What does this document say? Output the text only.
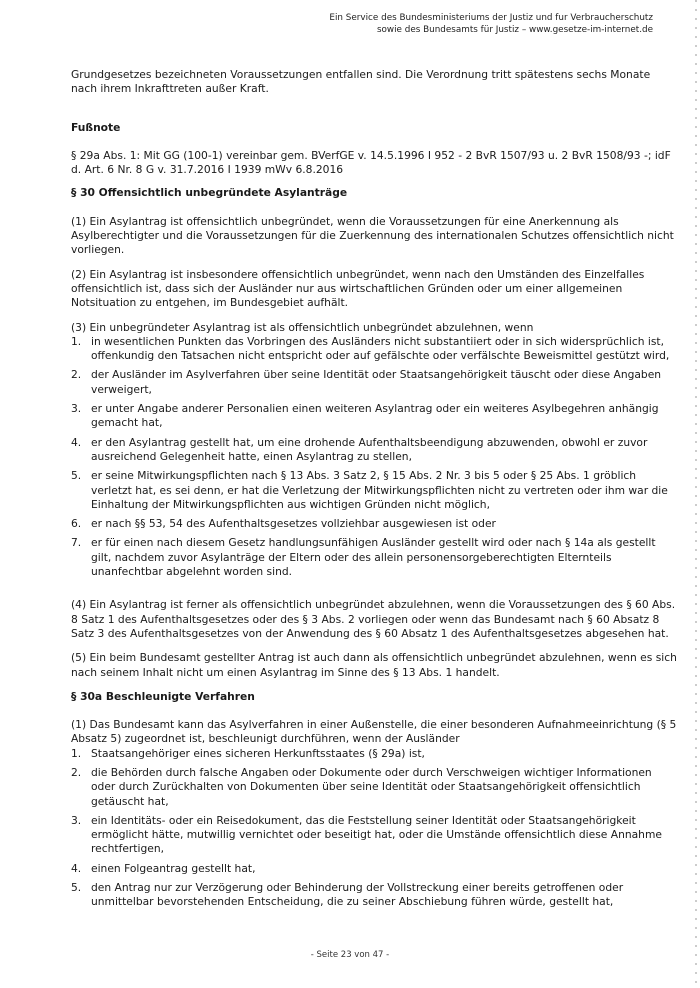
Ein Service des Bundesministeriums der Justiz und fur Verbraucherschutz
sowie des Bundesamts für Justiz – www.gesetze-im-internet.de

Grundgesetzes bezeichneten Voraussetzungen entfallen sind. Die Verordnung tritt spätestens sechs Monate nach ihrem Inkrafttreten außer Kraft.

Fußnote

§ 29a Abs. 1: Mit GG (100-1) vereinbar gem. BVerfGE v. 14.5.1996 I 952 - 2 BvR 1507/93 u. 2 BvR 1508/93 -; idF d. Art. 6 Nr. 8 G v. 31.7.2016 I 1939 mWv 6.8.2016

§ 30 Offensichtlich unbegründete Asylanträge

(1) Ein Asylantrag ist offensichtlich unbegründet, wenn die Voraussetzungen für eine Anerkennung als Asylberechtigter und die Voraussetzungen für die Zuerkennung des internationalen Schutzes offensichtlich nicht vorliegen.

(2) Ein Asylantrag ist insbesondere offensichtlich unbegründet, wenn nach den Umständen des Einzelfalles offensichtlich ist, dass sich der Ausländer nur aus wirtschaftlichen Gründen oder um einer allgemeinen Notsituation zu entgehen, im Bundesgebiet aufhält.

(3) Ein unbegründeter Asylantrag ist als offensichtlich unbegründet abzulehnen, wenn

1. in wesentlichen Punkten das Vorbringen des Ausländers nicht substantiiert oder in sich widersprüchlich ist, offenkundig den Tatsachen nicht entspricht oder auf gefälschte oder verfälschte Beweismittel gestützt wird,
2. der Ausländer im Asylverfahren über seine Identität oder Staatsangehörigkeit täuscht oder diese Angaben verweigert,
3. er unter Angabe anderer Personalien einen weiteren Asylantrag oder ein weiteres Asylbegehren anhängig gemacht hat,
4. er den Asylantrag gestellt hat, um eine drohende Aufenthaltsbeendigung abzuwenden, obwohl er zuvor ausreichend Gelegenheit hatte, einen Asylantrag zu stellen,
5. er seine Mitwirkungspflichten nach § 13 Abs. 3 Satz 2, § 15 Abs. 2 Nr. 3 bis 5 oder § 25 Abs. 1 gröblich verletzt hat, es sei denn, er hat die Verletzung der Mitwirkungspflichten nicht zu vertreten oder ihm war die Einhaltung der Mitwirkungspflichten aus wichtigen Gründen nicht möglich,
6. er nach §§ 53, 54 des Aufenthaltsgesetzes vollziehbar ausgewiesen ist oder
7. er für einen nach diesem Gesetz handlungsunfähigen Ausländer gestellt wird oder nach § 14a als gestellt gilt, nachdem zuvor Asylanträge der Eltern oder des allein personensorgeberechtigten Elternteils unanfechtbar abgelehnt worden sind.

(4) Ein Asylantrag ist ferner als offensichtlich unbegründet abzulehnen, wenn die Voraussetzungen des § 60 Abs. 8 Satz 1 des Aufenthaltsgesetzes oder des § 3 Abs. 2 vorliegen oder wenn das Bundesamt nach § 60 Absatz 8 Satz 3 des Aufenthaltsgesetzes von der Anwendung des § 60 Absatz 1 des Aufenthaltsgesetzes abgesehen hat.

(5) Ein beim Bundesamt gestellter Antrag ist auch dann als offensichtlich unbegründet abzulehnen, wenn es sich nach seinem Inhalt nicht um einen Asylantrag im Sinne des § 13 Abs. 1 handelt.

§ 30a Beschleunigte Verfahren

(1) Das Bundesamt kann das Asylverfahren in einer Außenstelle, die einer besonderen Aufnahmeeinrichtung (§ 5 Absatz 5) zugeordnet ist, beschleunigt durchführen, wenn der Ausländer

1. Staatsangehöriger eines sicheren Herkunftsstaates (§ 29a) ist,
2. die Behörden durch falsche Angaben oder Dokumente oder durch Verschweigen wichtiger Informationen oder durch Zurückhalten von Dokumenten über seine Identität oder Staatsangehörigkeit offensichtlich getäuscht hat,
3. ein Identitäts- oder ein Reisedokument, das die Feststellung seiner Identität oder Staatsangehörigkeit ermöglicht hätte, mutwillig vernichtet oder beseitigt hat, oder die Umstände offensichtlich diese Annahme rechtfertigen,
4. einen Folgeantrag gestellt hat,
5. den Antrag nur zur Verzögerung oder Behinderung der Vollstreckung einer bereits getroffenen oder unmittelbar bevorstehenden Entscheidung, die zu seiner Abschiebung führen würde, gestellt hat,
- Seite 23 von 47 -
